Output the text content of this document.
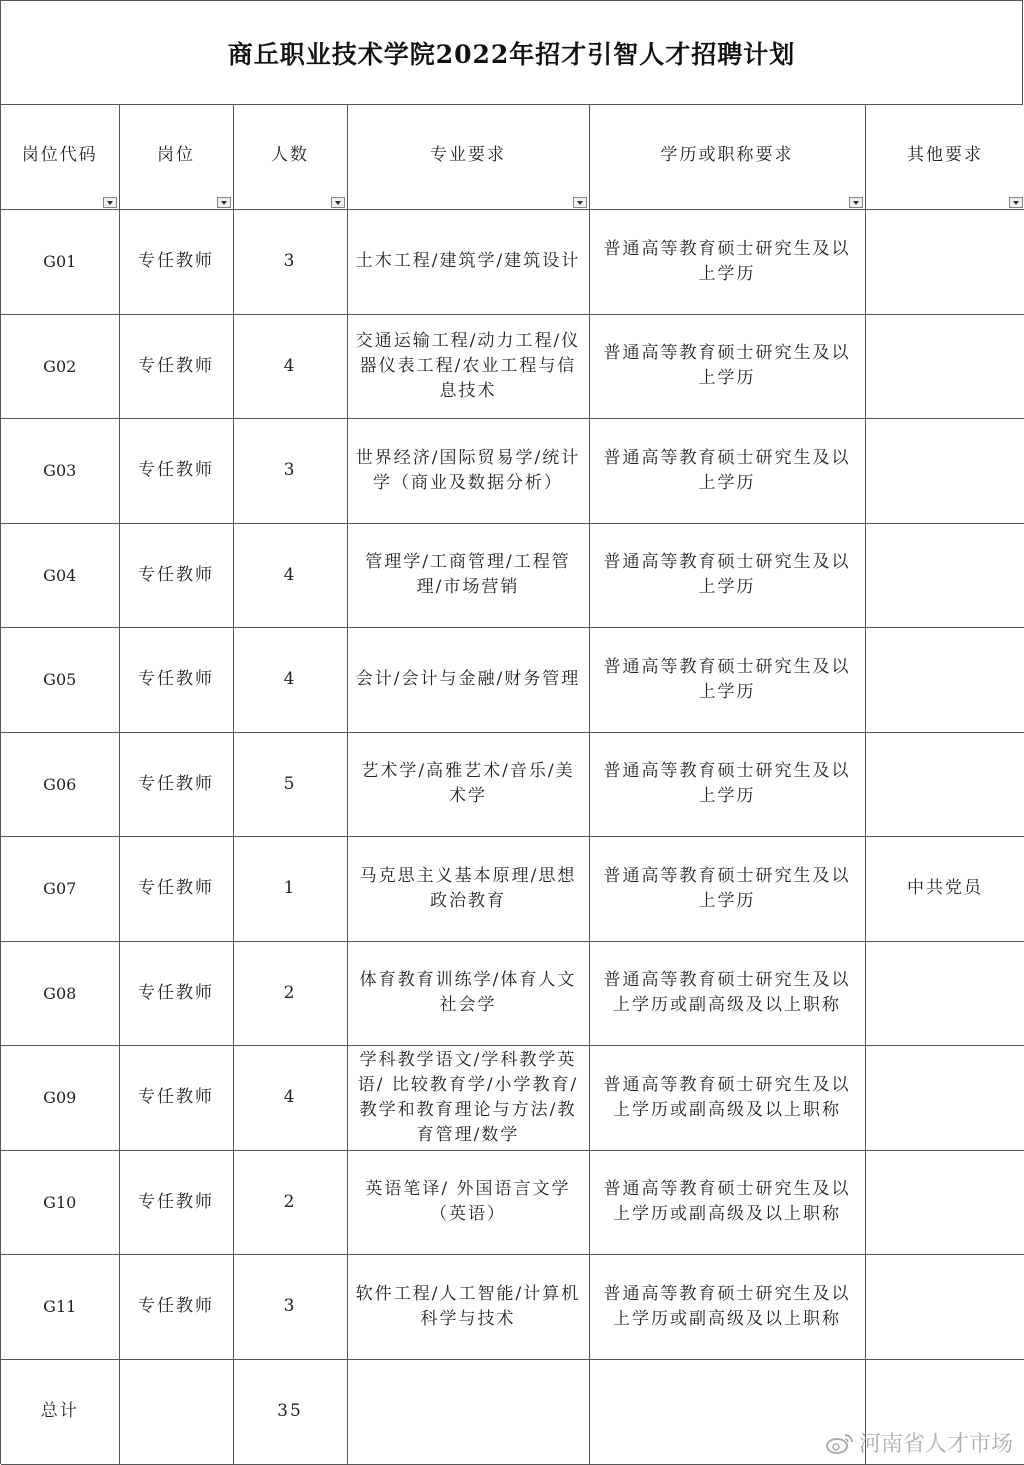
商丘职业技术学院2022年招才引智人才招聘计划
岗位代码	岗位	人数	专业要求	学历或职称要求	其他要求

G01	专任教师	3	土木工程/建筑学/建筑设计	普通高等教育硕士研究生及以上学历	
G02	专任教师	4	交通运输工程/动力工程/仪器仪表工程/农业工程与信息技术	普通高等教育硕士研究生及以上学历	
G03	专任教师	3	世界经济/国际贸易学/统计学（商业及数据分析）	普通高等教育硕士研究生及以上学历	
G04	专任教师	4	管理学/工商管理/工程管理/市场营销	普通高等教育硕士研究生及以上学历	
G05	专任教师	4	会计/会计与金融/财务管理	普通高等教育硕士研究生及以上学历	
G06	专任教师	5	艺术学/高雅艺术/音乐/美术学	普通高等教育硕士研究生及以上学历	
G07	专任教师	1	马克思主义基本原理/思想政治教育	普通高等教育硕士研究生及以上学历	中共党员
G08	专任教师	2	体育教育训练学/体育人文社会学	普通高等教育硕士研究生及以上学历或副高级及以上职称	
G09	专任教师	4	学科教学语文/学科教学英语/ 比较教育学/小学教育/ 教学和教育理论与方法/教育管理/数学	普通高等教育硕士研究生及以上学历或副高级及以上职称	
G10	专任教师	2	英语笔译/ 外国语言文学（英语）	普通高等教育硕士研究生及以上学历或副高级及以上职称	
G11	专任教师	3	软件工程/人工智能/计算机科学与技术	普通高等教育硕士研究生及以上学历或副高级及以上职称	
总计		35			
河南省人才市场
